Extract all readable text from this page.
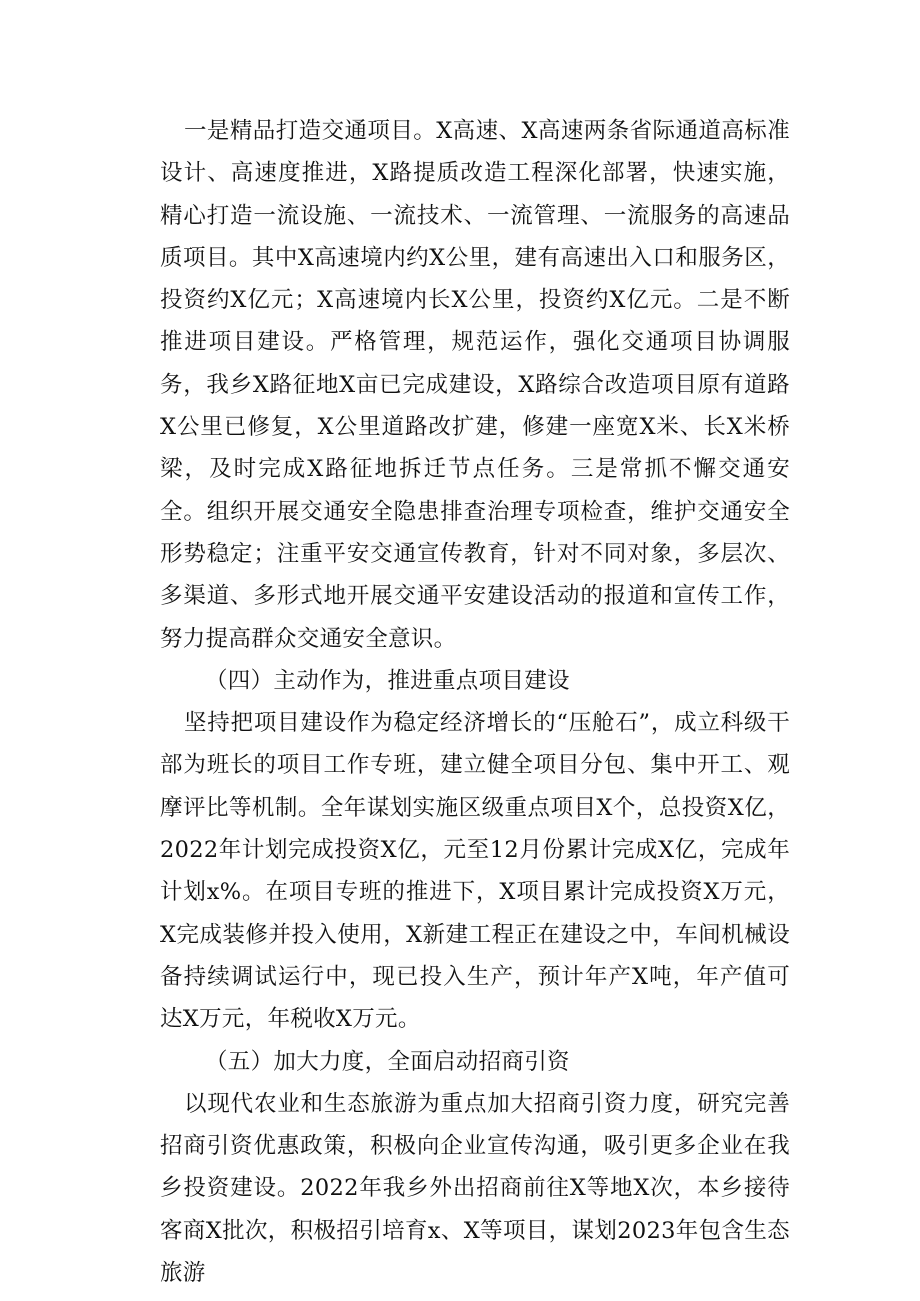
一是精品打造交通项目。X高速、X高速两条省际通道高标准设计、高速度推进，X路提质改造工程深化部署，快速实施，精心打造一流设施、一流技术、一流管理、一流服务的高速品质项目。其中X高速境内约X公里，建有高速出入口和服务区，投资约X亿元；X高速境内长X公里，投资约X亿元。二是不断推进项目建设。严格管理，规范运作，强化交通项目协调服务，我乡X路征地X亩已完成建设，X路综合改造项目原有道路X公里已修复，X公里道路改扩建，修建一座宽X米、长X米桥梁，及时完成X路征地拆迁节点任务。三是常抓不懈交通安全。组织开展交通安全隐患排查治理专项检查，维护交通安全形势稳定；注重平安交通宣传教育，针对不同对象，多层次、多渠道、多形式地开展交通平安建设活动的报道和宣传工作，努力提高群众交通安全意识。

（四）主动作为，推进重点项目建设

坚持把项目建设作为稳定经济增长的“压舱石”，成立科级干部为班长的项目工作专班，建立健全项目分包、集中开工、观摩评比等机制。全年谋划实施区级重点项目X个，总投资X亿，2022年计划完成投资X亿，元至12月份累计完成X亿，完成年计划x%。在项目专班的推进下，X项目累计完成投资X万元，X完成装修并投入使用，X新建工程正在建设之中，车间机械设备持续调试运行中，现已投入生产，预计年产X吨，年产值可达X万元，年税收X万元。

（五）加大力度，全面启动招商引资

以现代农业和生态旅游为重点加大招商引资力度，研究完善招商引资优惠政策，积极向企业宣传沟通，吸引更多企业在我乡投资建设。2022年我乡外出招商前往X等地X次，本乡接待客商X批次，积极招引培育x、X等项目，谋划2023年包含生态旅游
